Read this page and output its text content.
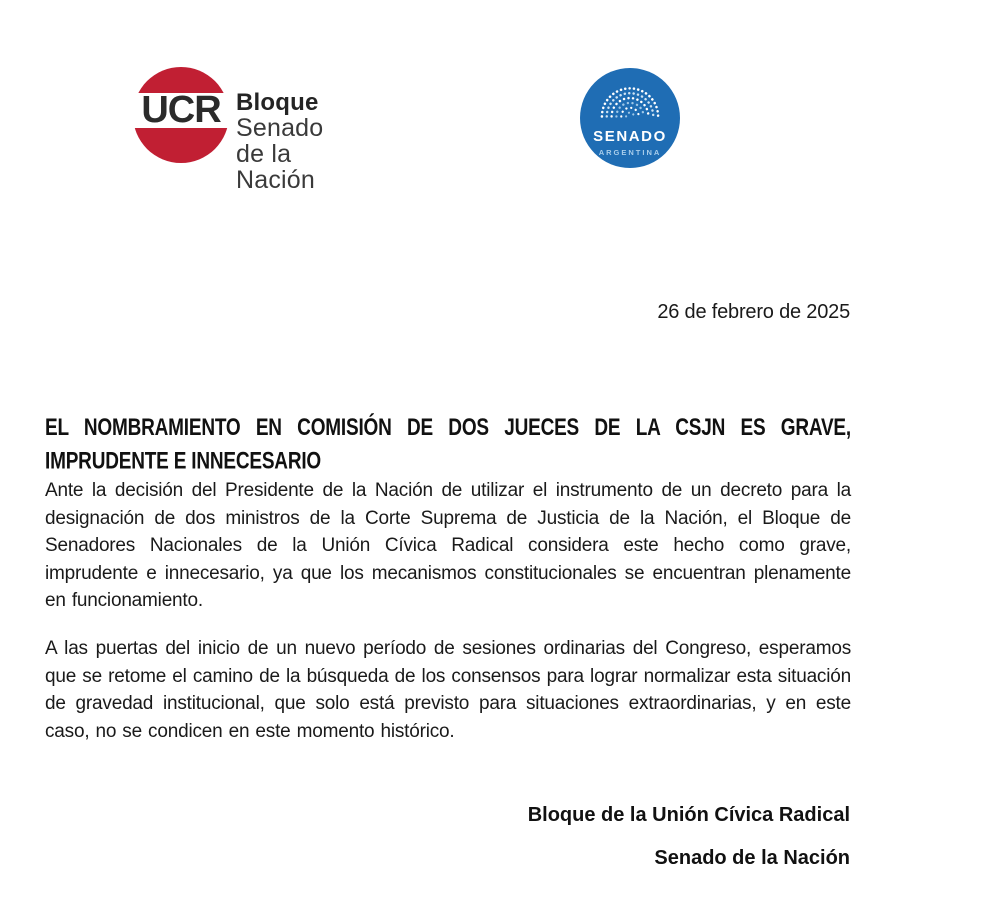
UCR Bloque
Senado de la Nación
SENADO
ARGENTINA
26 de febrero de 2025
EL NOMBRAMIENTO EN COMISIÓN DE DOS JUECES DE LA CSJN ES GRAVE, IMPRUDENTE E INNECESARIO

Ante la decisión del Presidente de la Nación de utilizar el instrumento de un decreto para la designación de dos ministros de la Corte Suprema de Justicia de la Nación, el Bloque de Senadores Nacionales de la Unión Cívica Radical considera este hecho como grave, imprudente e innecesario, ya que los mecanismos constitucionales se encuentran plenamente en funcionamiento.

A las puertas del inicio de un nuevo período de sesiones ordinarias del Congreso, esperamos que se retome el camino de la búsqueda de los consensos para lograr normalizar esta situación de gravedad institucional, que solo está previsto para situaciones extraordinarias, y en este caso, no se condicen en este momento histórico.

Bloque de la Unión Cívica Radical
Senado de la Nación
